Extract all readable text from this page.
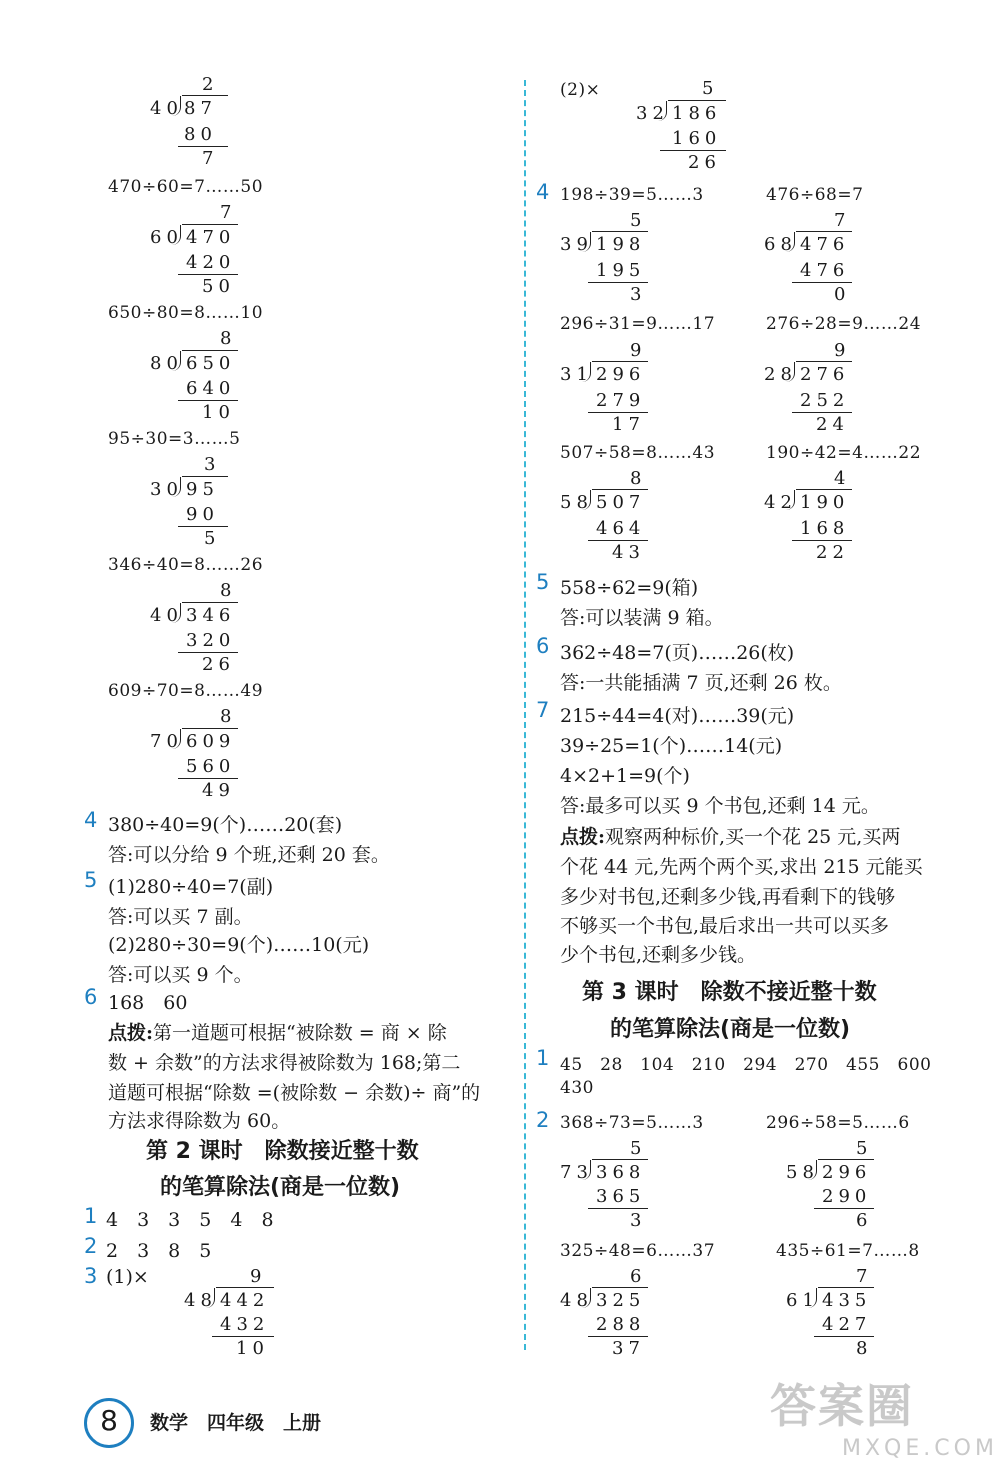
2
40 87
80
7
470÷60=7……50
7
60 470
420
50
650÷80=8……10
8
80 650
640
10
95÷30=3……5
3
30 95
90
5
346÷40=8……26
8
40 346
320
26
609÷70=8……49
8
70 609
560
49
4 380÷40=9(个)……20(套)
答:可以分给 9 个班,还剩 20 套。
5 (1)280÷40=7(副)
答:可以买 7 副。
(2)280÷30=9(个)……10(元)
答:可以买 9 个。
6 168　60
点拨:第一道题可根据“被除数 = 商 × 除
数 + 余数”的方法求得被除数为 168;第二
道题可根据“除数 =(被除数 − 余数)÷ 商”的
方法求得除数为 60。
第 2 课时　除数接近整十数
的笔算除法(商是一位数)
1 4　3　3　5　4　8
2 2　3　8　5
3 (1)×	9
48 442
432
10
(2)×	5
32 186
160
26
4 198÷39=5……3	476÷68=7
5
39 198
195
3
7
68 476
476
0
296÷31=9……17	276÷28=9……24
9
31 296
279
17
9
28 276
252
24
507÷58=8……43	190÷42=4……22
8
58 507
464
43
4
42 190
168
22
5 558÷62=9(箱)
答:可以装满 9 箱。
6 362÷48=7(页)……26(枚)
答:一共能插满 7 页,还剩 26 枚。
7 215÷44=4(对)……39(元)
39÷25=1(个)……14(元)
4×2+1=9(个)
答:最多可以买 9 个书包,还剩 14 元。
点拨:观察两种标价,买一个花 25 元,买两
个花 44 元,先两个两个买,求出 215 元能买
多少对书包,还剩多少钱,再看剩下的钱够
不够买一个书包,最后求出一共可以买多
少个书包,还剩多少钱。
第 3 课时　除数不接近整十数
的笔算除法(商是一位数)
1 45　28　104　210　294　270　455　600
430
2 368÷73=5……3	296÷58=5……6
5
73 368
365
3
5
58 296
290
6
325÷48=6……37	435÷61=7……8
6
48 325
288
37
7
61 435
427
8
8	数学　四年级　上册	答案圈
MXQE.COM
